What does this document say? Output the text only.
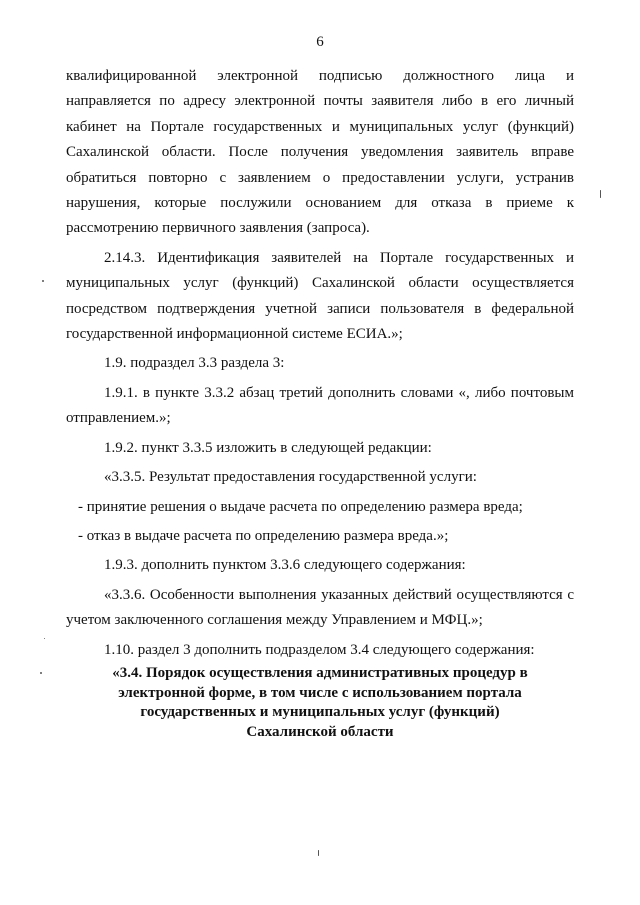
6

квалифицированной электронной подписью должностного лица и направляется по адресу электронной почты заявителя либо в его личный кабинет на Портале государственных и муниципальных услуг (функций) Сахалинской области. После получения уведомления заявитель вправе обратиться повторно с заявлением о предоставлении услуги, устранив нарушения, которые послужили основанием для отказа в приеме к рассмотрению первичного заявления (запроса).

2.14.3. Идентификация заявителей на Портале государственных и муниципальных услуг (функций) Сахалинской области осуществляется посредством подтверждения учетной записи пользователя в федеральной государственной информационной системе ЕСИА.»;

1.9. подраздел 3.3 раздела 3:

1.9.1. в пункте 3.3.2 абзац третий дополнить словами «, либо почтовым отправлением.»;

1.9.2. пункт 3.3.5 изложить в следующей редакции:

«3.3.5. Результат предоставления государственной услуги:

- принятие решения о выдаче расчета по определению размера вреда;

- отказ в выдаче расчета по определению размера вреда.»;

1.9.3. дополнить пунктом 3.3.6 следующего содержания:

«3.3.6. Особенности выполнения указанных действий осуществляются с учетом заключенного соглашения между Управлением и МФЦ.»;

1.10. раздел 3 дополнить подразделом 3.4 следующего содержания:

«3.4. Порядок осуществления административных процедур в

электронной форме, в том числе с использованием портала

государственных и муниципальных услуг (функций)

Сахалинской области
